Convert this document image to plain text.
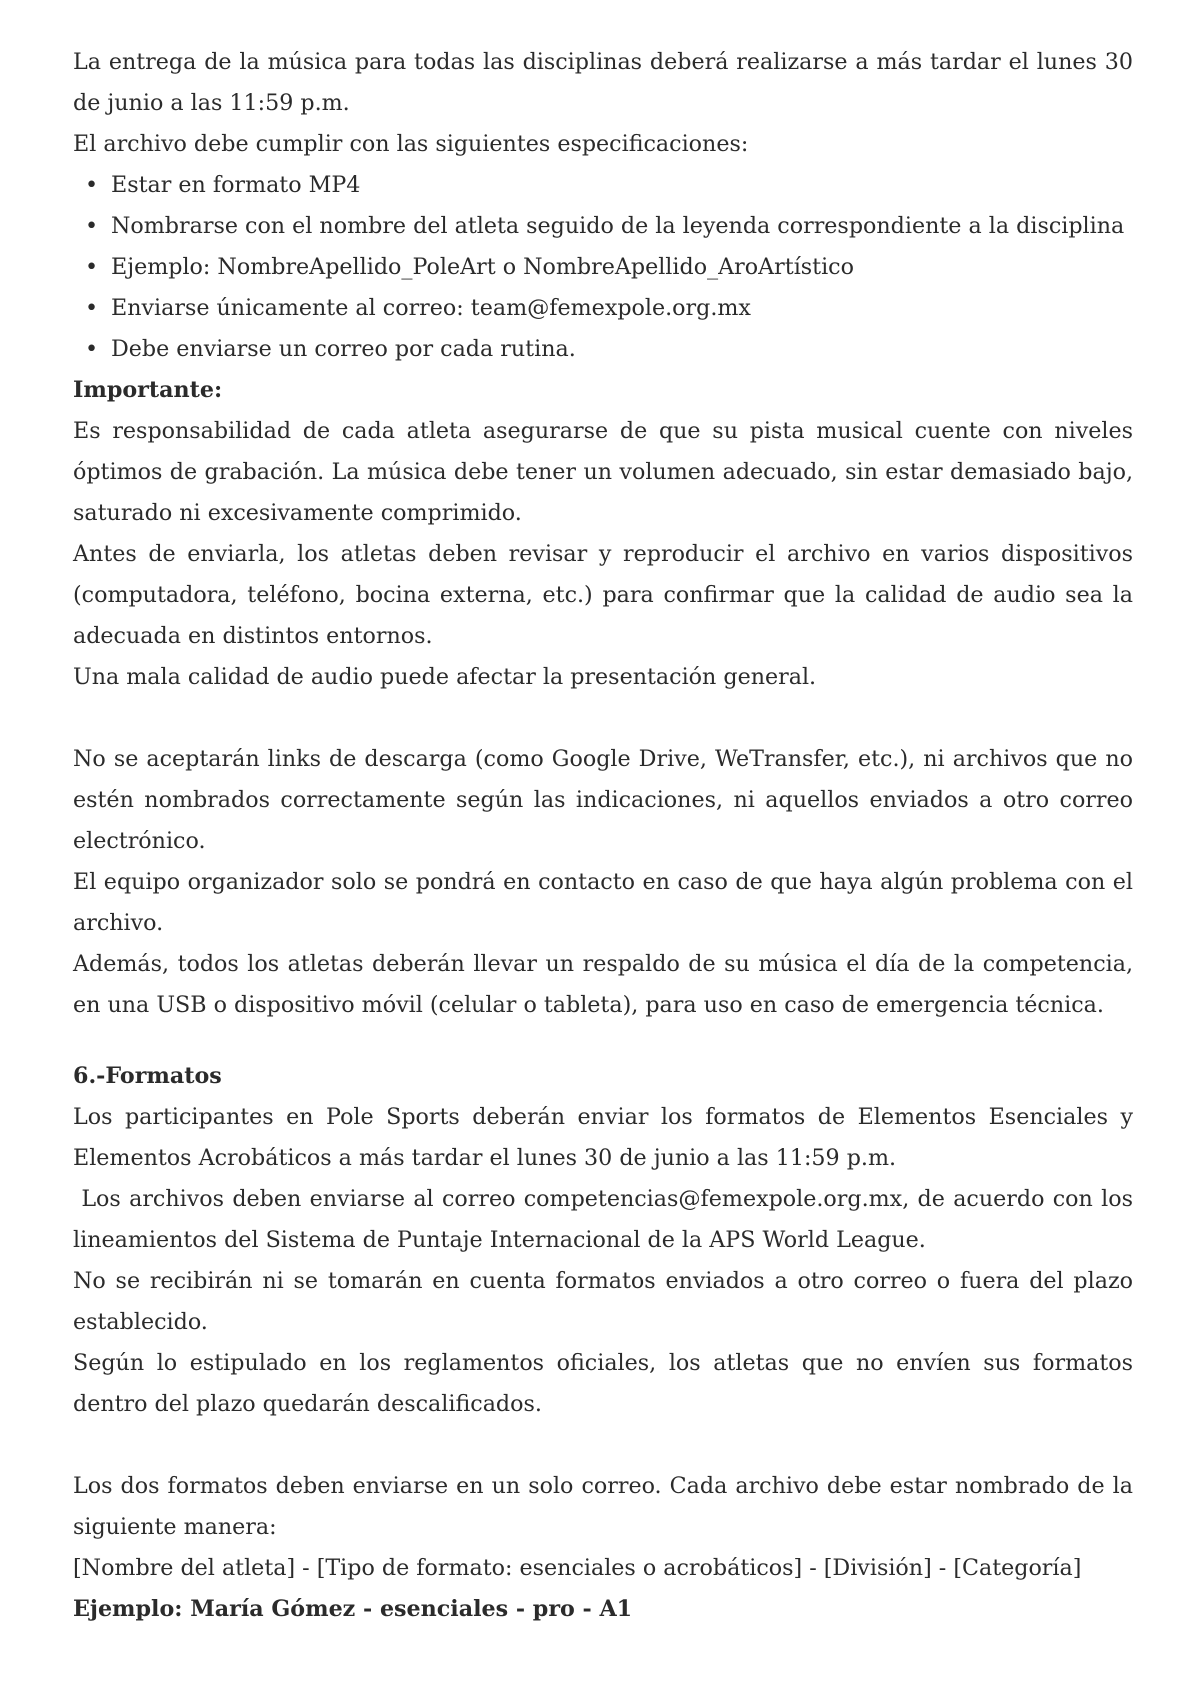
La entrega de la música para todas las disciplinas deberá realizarse a más tardar el lunes 30 de junio a las 11:59 p.m.

El archivo debe cumplir con las siguientes especificaciones:

• Estar en formato MP4
• Nombrarse con el nombre del atleta seguido de la leyenda correspondiente a la disciplina
• Ejemplo: NombreApellido_PoleArt o NombreApellido_AroArtístico
• Enviarse únicamente al correo: team@femexpole.org.mx
• Debe enviarse un correo por cada rutina.

Importante:

Es responsabilidad de cada atleta asegurarse de que su pista musical cuente con niveles óptimos de grabación. La música debe tener un volumen adecuado, sin estar demasiado bajo, saturado ni excesivamente comprimido.

Antes de enviarla, los atletas deben revisar y reproducir el archivo en varios dispositivos (computadora, teléfono, bocina externa, etc.) para confirmar que la calidad de audio sea la adecuada en distintos entornos.

Una mala calidad de audio puede afectar la presentación general.

No se aceptarán links de descarga (como Google Drive, WeTransfer, etc.), ni archivos que no estén nombrados correctamente según las indicaciones, ni aquellos enviados a otro correo electrónico.

El equipo organizador solo se pondrá en contacto en caso de que haya algún problema con el archivo.

Además, todos los atletas deberán llevar un respaldo de su música el día de la competencia, en una USB o dispositivo móvil (celular o tableta), para uso en caso de emergencia técnica.

6.-Formatos

Los participantes en Pole Sports deberán enviar los formatos de Elementos Esenciales y Elementos Acrobáticos a más tardar el lunes 30 de junio a las 11:59 p.m.

Los archivos deben enviarse al correo competencias@femexpole.org.mx, de acuerdo con los lineamientos del Sistema de Puntaje Internacional de la APS World League.

No se recibirán ni se tomarán en cuenta formatos enviados a otro correo o fuera del plazo establecido.

Según lo estipulado en los reglamentos oficiales, los atletas que no envíen sus formatos dentro del plazo quedarán descalificados.

Los dos formatos deben enviarse en un solo correo. Cada archivo debe estar nombrado de la siguiente manera:

[Nombre del atleta] - [Tipo de formato: esenciales o acrobáticos] - [División] - [Categoría]

Ejemplo: María Gómez - esenciales - pro - A1
